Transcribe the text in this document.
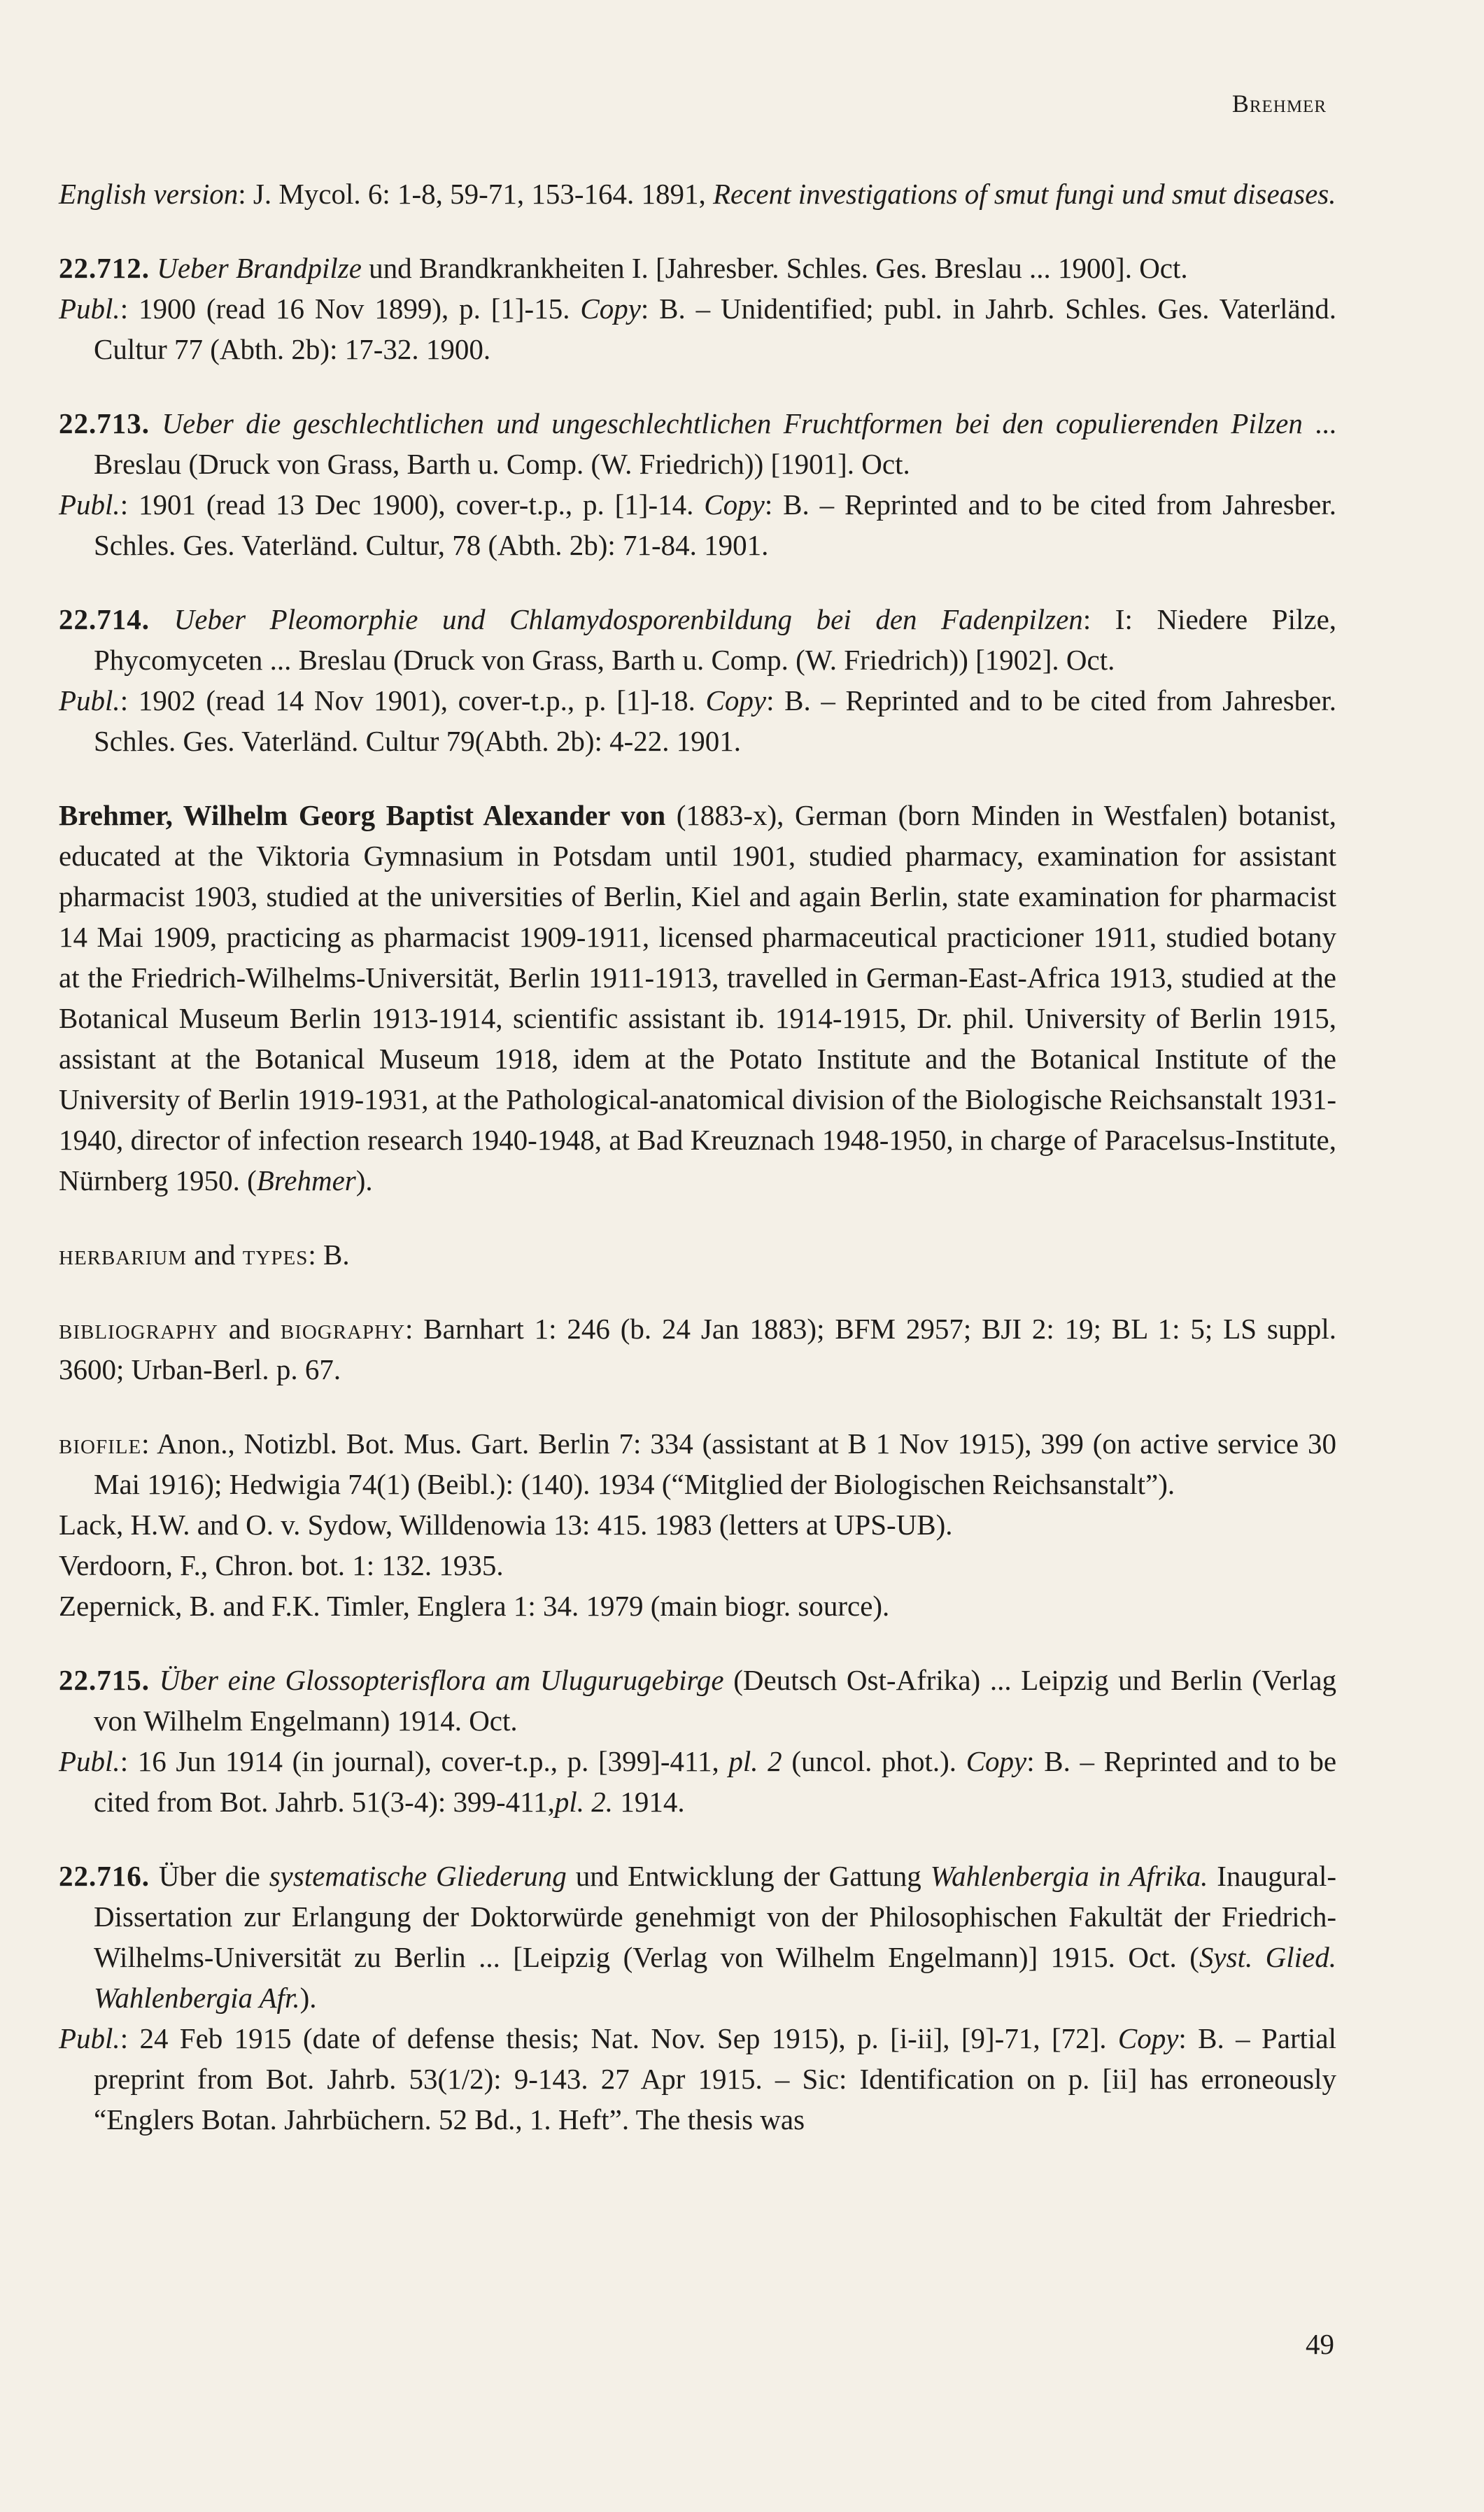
Brehmer

English version: J. Mycol. 6: 1-8, 59-71, 153-164. 1891, Recent investigations of smut fungi und smut diseases.

22.712. Ueber Brandpilze und Brandkrankheiten I. [Jahresber. Schles. Ges. Breslau ... 1900]. Oct.

Publ.: 1900 (read 16 Nov 1899), p. [1]-15. Copy: B. – Unidentified; publ. in Jahrb. Schles. Ges. Vaterländ. Cultur 77 (Abth. 2b): 17-32. 1900.

22.713. Ueber die geschlechtlichen und ungeschlechtlichen Fruchtformen bei den copulierenden Pilzen ... Breslau (Druck von Grass, Barth u. Comp. (W. Friedrich)) [1901]. Oct.

Publ.: 1901 (read 13 Dec 1900), cover-t.p., p. [1]-14. Copy: B. – Reprinted and to be cited from Jahresber. Schles. Ges. Vaterländ. Cultur, 78 (Abth. 2b): 71-84. 1901.

22.714. Ueber Pleomorphie und Chlamydosporenbildung bei den Fadenpilzen: I: Niedere Pilze, Phycomyceten ... Breslau (Druck von Grass, Barth u. Comp. (W. Friedrich)) [1902]. Oct.

Publ.: 1902 (read 14 Nov 1901), cover-t.p., p. [1]-18. Copy: B. – Reprinted and to be cited from Jahresber. Schles. Ges. Vaterländ. Cultur 79(Abth. 2b): 4-22. 1901.

Brehmer, Wilhelm Georg Baptist Alexander von (1883-x), German (born Minden in Westfalen) botanist, educated at the Viktoria Gymnasium in Potsdam until 1901, studied pharmacy, examination for assistant pharmacist 1903, studied at the universities of Berlin, Kiel and again Berlin, state examination for pharmacist 14 Mai 1909, practicing as pharmacist 1909-1911, licensed pharmaceutical practicioner 1911, studied botany at the Friedrich-Wilhelms-Universität, Berlin 1911-1913, travelled in German-East-Africa 1913, studied at the Botanical Museum Berlin 1913-1914, scientific assistant ib. 1914-1915, Dr. phil. University of Berlin 1915, assistant at the Botanical Museum 1918, idem at the Potato Institute and the Botanical Institute of the University of Berlin 1919-1931, at the Pathological-anatomical division of the Biologische Reichsanstalt 1931-1940, director of infection research 1940-1948, at Bad Kreuznach 1948-1950, in charge of Paracelsus-Institute, Nürnberg 1950. (Brehmer).

herbarium and types: B.

bibliography and biography: Barnhart 1: 246 (b. 24 Jan 1883); BFM 2957; BJI 2: 19; BL 1: 5; LS suppl. 3600; Urban-Berl. p. 67.

biofile: Anon., Notizbl. Bot. Mus. Gart. Berlin 7: 334 (assistant at B 1 Nov 1915), 399 (on active service 30 Mai 1916); Hedwigia 74(1) (Beibl.): (140). 1934 (“Mitglied der Biologischen Reichsanstalt”).

Lack, H.W. and O. v. Sydow, Willdenowia 13: 415. 1983 (letters at UPS-UB).

Verdoorn, F., Chron. bot. 1: 132. 1935.

Zepernick, B. and F.K. Timler, Englera 1: 34. 1979 (main biogr. source).

22.715. Über eine Glossopterisflora am Ulugurugebirge (Deutsch Ost-Afrika) ... Leipzig und Berlin (Verlag von Wilhelm Engelmann) 1914. Oct.

Publ.: 16 Jun 1914 (in journal), cover-t.p., p. [399]-411, pl. 2 (uncol. phot.). Copy: B. – Reprinted and to be cited from Bot. Jahrb. 51(3-4): 399-411,pl. 2. 1914.

22.716. Über die systematische Gliederung und Entwicklung der Gattung Wahlenbergia in Afrika. Inaugural-Dissertation zur Erlangung der Doktorwürde genehmigt von der Philosophischen Fakultät der Friedrich-Wilhelms-Universität zu Berlin ... [Leipzig (Verlag von Wilhelm Engelmann)] 1915. Oct. (Syst. Glied. Wahlenbergia Afr.).

Publ.: 24 Feb 1915 (date of defense thesis; Nat. Nov. Sep 1915), p. [i-ii], [9]-71, [72]. Copy: B. – Partial preprint from Bot. Jahrb. 53(1/2): 9-143. 27 Apr 1915. – Sic: Identification on p. [ii] has erroneously “Englers Botan. Jahrbüchern. 52 Bd., 1. Heft”. The thesis was

49
